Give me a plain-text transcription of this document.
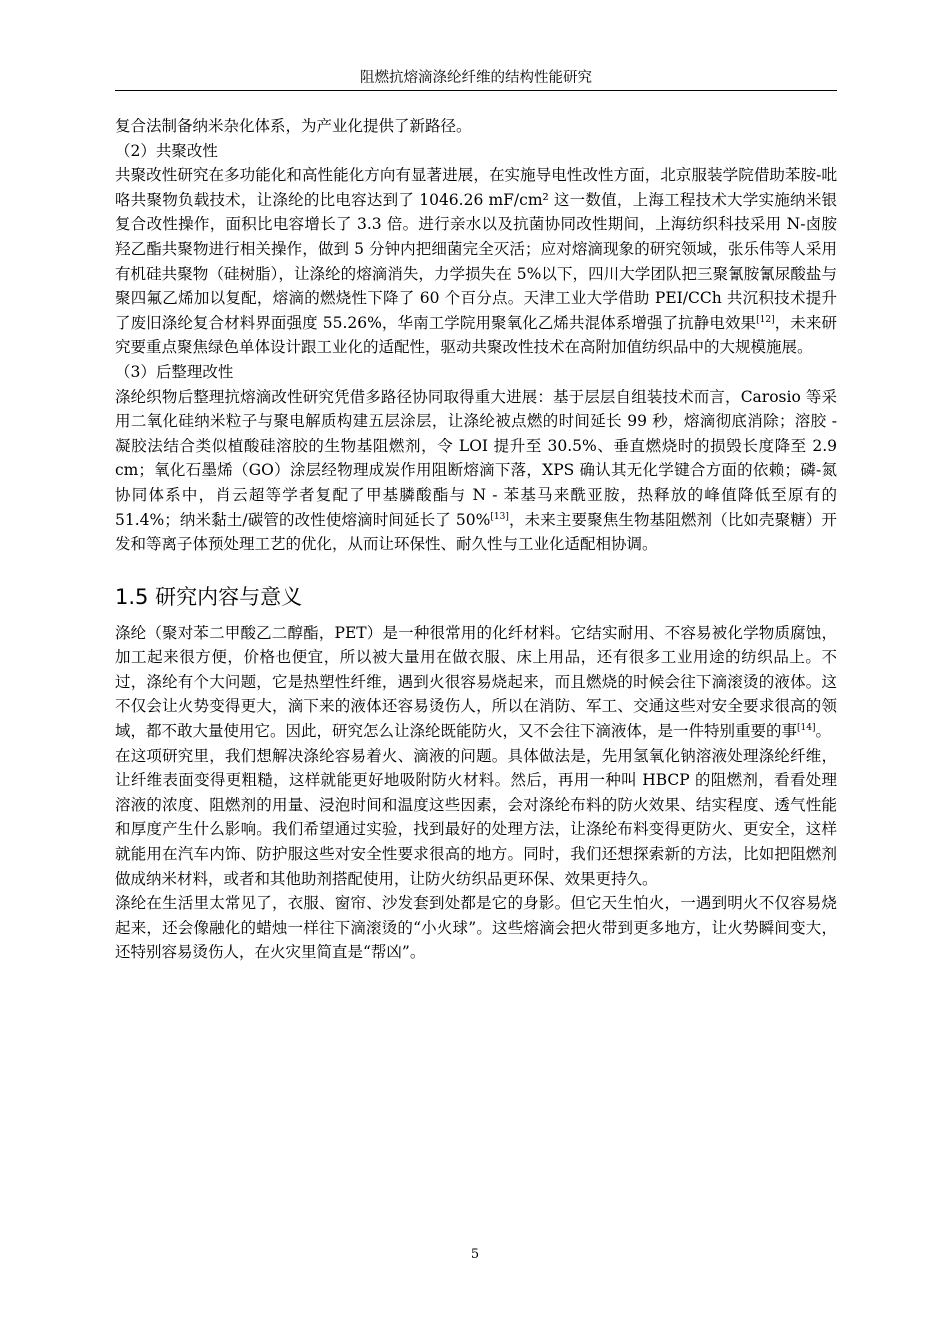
阻燃抗熔滴涤纶纤维的结构性能研究

复合法制备纳米杂化体系，为产业化提供了新路径。

（2）共聚改性

共聚改性研究在多功能化和高性能化方向有显著进展，在实施导电性改性方面，北京服装学院借助苯胺-吡咯共聚物负载技术，让涤纶的比电容达到了 1046.26 mF/cm² 这一数值，上海工程技术大学实施纳米银复合改性操作，面积比电容增长了 3.3 倍。进行亲水以及抗菌协同改性期间，上海纺织科技采用 N-卤胺羟乙酯共聚物进行相关操作，做到 5 分钟内把细菌完全灭活；应对熔滴现象的研究领域，张乐伟等人采用有机硅共聚物（硅树脂），让涤纶的熔滴消失，力学损失在 5%以下，四川大学团队把三聚氰胺氰尿酸盐与聚四氟乙烯加以复配，熔滴的燃烧性下降了 60 个百分点。天津工业大学借助 PEI/CCh 共沉积技术提升了废旧涤纶复合材料界面强度 55.26%，华南工学院用聚氧化乙烯共混体系增强了抗静电效果[12]，未来研究要重点聚焦绿色单体设计跟工业化的适配性，驱动共聚改性技术在高附加值纺织品中的大规模施展。

（3）后整理改性

涤纶织物后整理抗熔滴改性研究凭借多路径协同取得重大进展：基于层层自组装技术而言，Carosio 等采用二氧化硅纳米粒子与聚电解质构建五层涂层，让涤纶被点燃的时间延长 99 秒，熔滴彻底消除；溶胶 - 凝胶法结合类似植酸硅溶胶的生物基阻燃剂，令 LOI 提升至 30.5%、垂直燃烧时的损毁长度降至 2.9 cm；氧化石墨烯（GO）涂层经物理成炭作用阻断熔滴下落，XPS 确认其无化学键合方面的依赖；磷-氮协同体系中，肖云超等学者复配了甲基膦酸酯与 N - 苯基马来酰亚胺，热释放的峰值降低至原有的 51.4%；纳米黏土/碳管的改性使熔滴时间延长了 50%[13]，未来主要聚焦生物基阻燃剂（比如壳聚糖）开发和等离子体预处理工艺的优化，从而让环保性、耐久性与工业化适配相协调。

1.5 研究内容与意义

涤纶（聚对苯二甲酸乙二醇酯，PET）是一种很常用的化纤材料。它结实耐用、不容易被化学物质腐蚀，加工起来很方便，价格也便宜，所以被大量用在做衣服、床上用品，还有很多工业用途的纺织品上。不过，涤纶有个大问题，它是热塑性纤维，遇到火很容易烧起来，而且燃烧的时候会往下滴滚烫的液体。这不仅会让火势变得更大，滴下来的液体还容易烫伤人，所以在消防、军工、交通这些对安全要求很高的领域，都不敢大量使用它。因此，研究怎么让涤纶既能防火，又不会往下滴液体，是一件特别重要的事[14]。

在这项研究里，我们想解决涤纶容易着火、滴液的问题。具体做法是，先用氢氧化钠溶液处理涤纶纤维，让纤维表面变得更粗糙，这样就能更好地吸附防火材料。然后，再用一种叫 HBCP 的阻燃剂，看看处理溶液的浓度、阻燃剂的用量、浸泡时间和温度这些因素，会对涤纶布料的防火效果、结实程度、透气性能和厚度产生什么影响。我们希望通过实验，找到最好的处理方法，让涤纶布料变得更防火、更安全，这样就能用在汽车内饰、防护服这些对安全性要求很高的地方。同时，我们还想探索新的方法，比如把阻燃剂做成纳米材料，或者和其他助剂搭配使用，让防火纺织品更环保、效果更持久。

涤纶在生活里太常见了，衣服、窗帘、沙发套到处都是它的身影。但它天生怕火，一遇到明火不仅容易烧起来，还会像融化的蜡烛一样往下滴滚烫的“小火球”。这些熔滴会把火带到更多地方，让火势瞬间变大，还特别容易烫伤人，在火灾里简直是“帮凶”。

5
